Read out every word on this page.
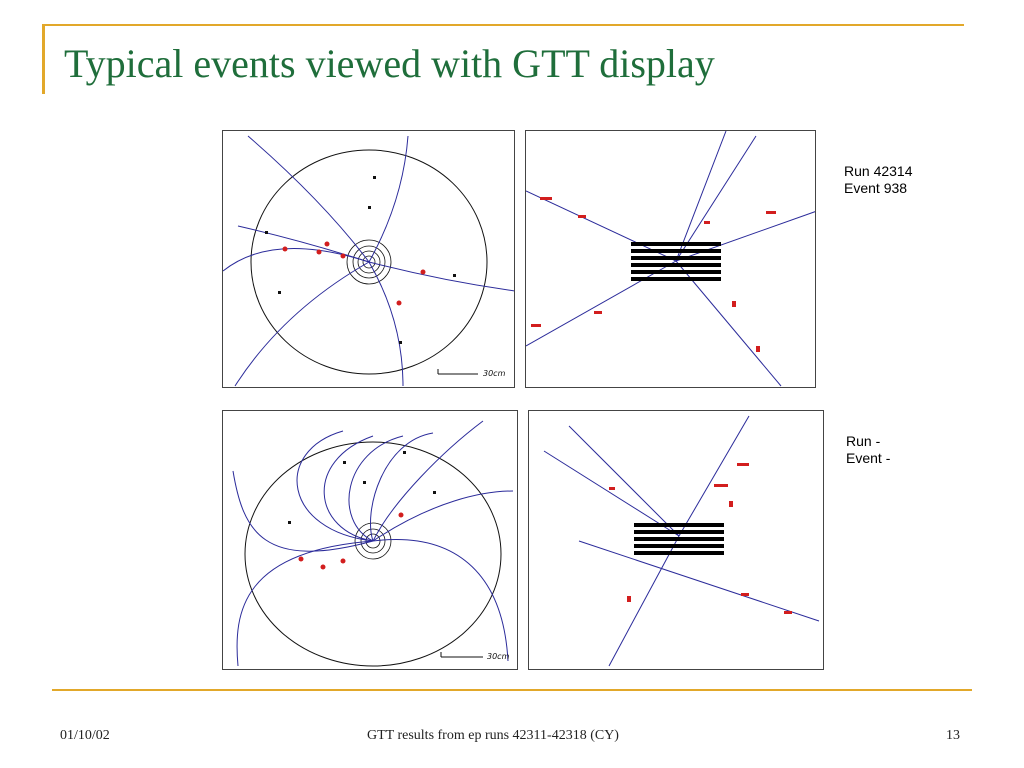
Typical events viewed with GTT display
30cm
Run 42314
Event 938
30cm
Run -
Event -
01/10/02	GTT results from ep runs 42311-42318 (CY)	13
